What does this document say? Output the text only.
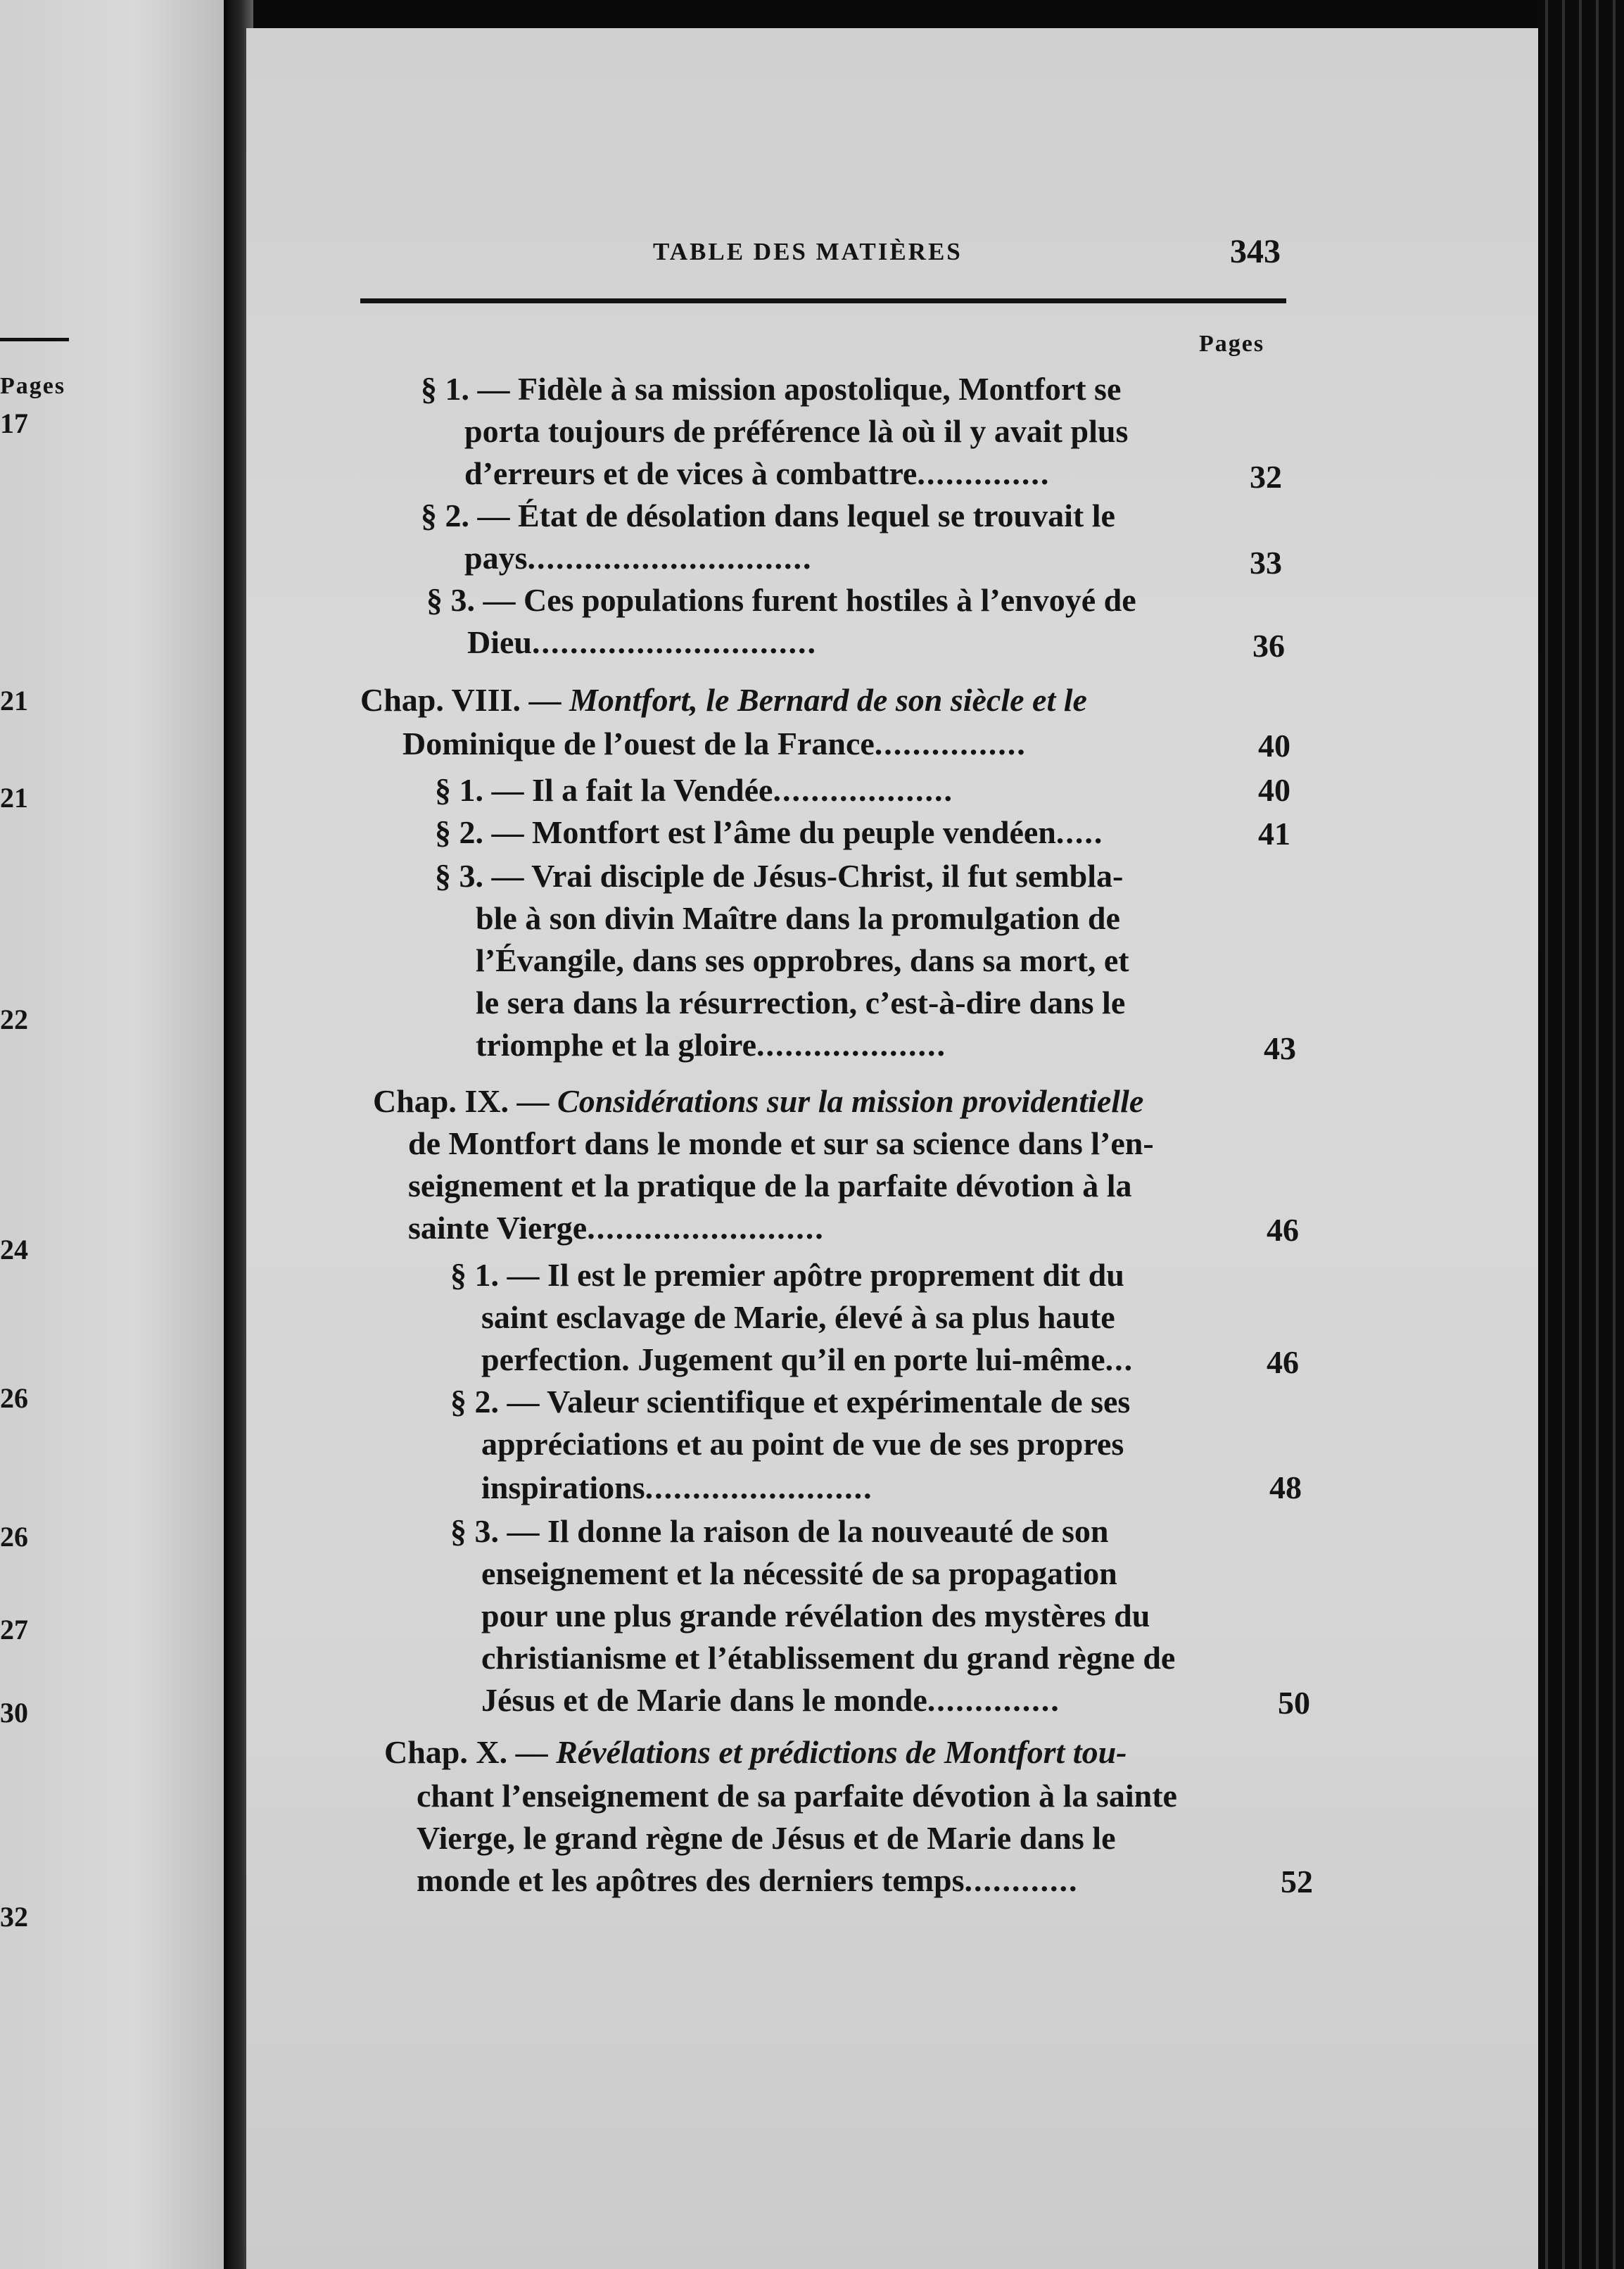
Pages
17
21
21
22
24
26
26
27
30
32
TABLE DES MATIÈRES	343
Pages
§ 1. — Fidèle à sa mission apostolique, Montfort se
porta toujours de préférence là où il y avait plus
d’erreurs et de vices à combattre..............	32
§ 2. — État de désolation dans lequel se trouvait le
pays..............................	33
§ 3. — Ces populations furent hostiles à l’envoyé de
Dieu..............................	36
Chap. VIII. — Montfort, le Bernard de son siècle et le
Dominique de l’ouest de la France................	40
§ 1. — Il a fait la Vendée...................	40
§ 2. — Montfort est l’âme du peuple vendéen.....	41
§ 3. — Vrai disciple de Jésus-Christ, il fut sembla-
ble à son divin Maître dans la promulgation de
l’Évangile, dans ses opprobres, dans sa mort, et
le sera dans la résurrection, c’est-à-dire dans le
triomphe et la gloire....................	43
Chap. IX. — Considérations sur la mission providentielle
de Montfort dans le monde et sur sa science dans l’en-
seignement et la pratique de la parfaite dévotion à la
sainte Vierge.........................	46
§ 1. — Il est le premier apôtre proprement dit du
saint esclavage de Marie, élevé à sa plus haute
perfection. Jugement qu’il en porte lui-même...	46
§ 2. — Valeur scientifique et expérimentale de ses
appréciations et au point de vue de ses propres
inspirations........................	48
§ 3. — Il donne la raison de la nouveauté de son
enseignement et la nécessité de sa propagation
pour une plus grande révélation des mystères du
christianisme et l’établissement du grand règne de
Jésus et de Marie dans le monde..............	50
Chap. X. — Révélations et prédictions de Montfort tou-
chant l’enseignement de sa parfaite dévotion à la sainte
Vierge, le grand règne de Jésus et de Marie dans le
monde et les apôtres des derniers temps............	52
